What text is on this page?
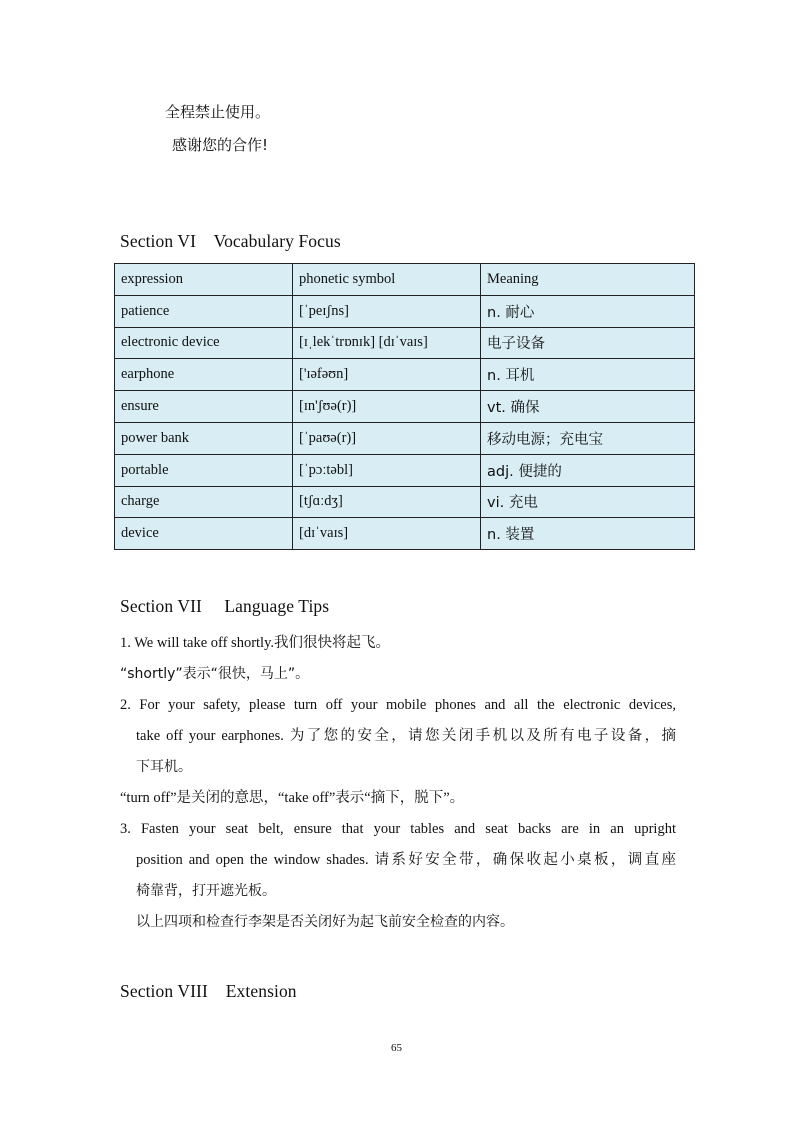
全程禁止使用。

感谢您的合作!

Section VI    Vocabulary Focus
expression	phonetic symbol	Meaning
patience	[ˈpeɪʃns]	n. 耐心
electronic device	[ɪˌlekˈtrɒnɪk] [dɪˈvaɪs]	电子设备
earphone	['ɪəfəʊn]	n. 耳机
ensure	[ɪn'ʃʊə(r)]	vt. 确保
power bank	[ˈpaʊə(r)]	移动电源；充电宝
portable	[ˈpɔːtəbl]	adj. 便捷的
charge	[tʃɑːdʒ]	vi. 充电
device	[dɪˈvaɪs]	n. 装置
Section VII     Language Tips

1. We will take off shortly.我们很快将起飞。

“shortly”表示“很快，马上”。

2. For your safety, please turn off your mobile phones and all the electronic devices,

take off your earphones. 为了您的安全，请您关闭手机以及所有电子设备，摘

下耳机。

“turn off”是关闭的意思，“take off”表示“摘下，脱下”。

3. Fasten your seat belt, ensure that your tables and seat backs are in an upright

position and open the window shades. 请系好安全带，确保收起小桌板，调直座

椅靠背，打开遮光板。

以上四项和检查行李架是否关闭好为起飞前安全检查的内容。

Section VIII    Extension
65
